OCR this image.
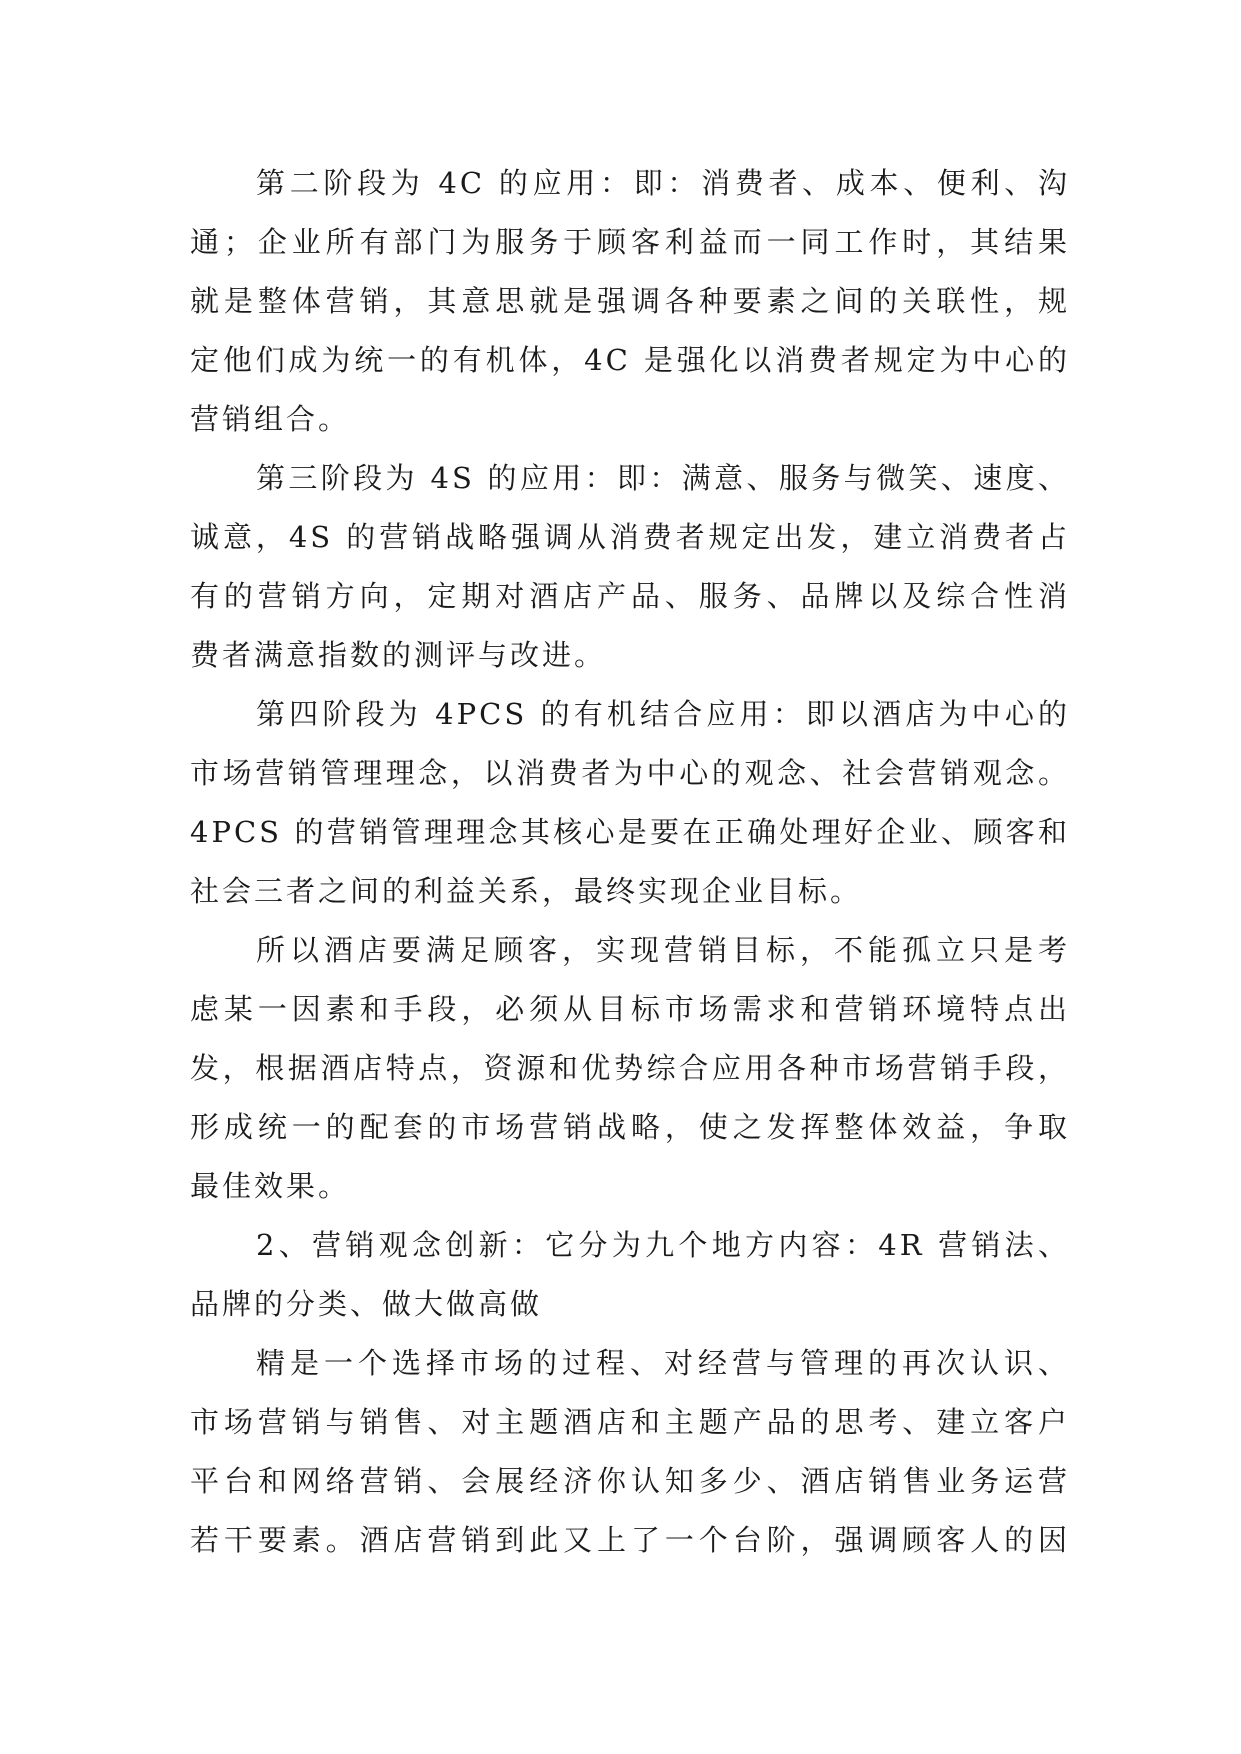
第二阶段为 4C 的应用：即：消费者、成本、便利、沟
通；企业所有部门为服务于顾客利益而一同工作时，其结果
就是整体营销，其意思就是强调各种要素之间的关联性，规
定他们成为统一的有机体，4C 是强化以消费者规定为中心的
营销组合。
第三阶段为 4S 的应用：即：满意、服务与微笑、速度、
诚意，4S 的营销战略强调从消费者规定出发，建立消费者占
有的营销方向，定期对酒店产品、服务、品牌以及综合性消
费者满意指数的测评与改进。
第四阶段为 4PCS 的有机结合应用：即以酒店为中心的
市场营销管理理念，以消费者为中心的观念、社会营销观念。
4PCS 的营销管理理念其核心是要在正确处理好企业、顾客和
社会三者之间的利益关系，最终实现企业目标。
所以酒店要满足顾客，实现营销目标，不能孤立只是考
虑某一因素和手段，必须从目标市场需求和营销环境特点出
发，根据酒店特点，资源和优势综合应用各种市场营销手段，
形成统一的配套的市场营销战略，使之发挥整体效益，争取
最佳效果。
2、营销观念创新：它分为九个地方内容：4R 营销法、
品牌的分类、做大做高做
精是一个选择市场的过程、对经营与管理的再次认识、
市场营销与销售、对主题酒店和主题产品的思考、建立客户
平台和网络营销、会展经济你认知多少、酒店销售业务运营
若干要素。酒店营销到此又上了一个台阶，强调顾客人的因
